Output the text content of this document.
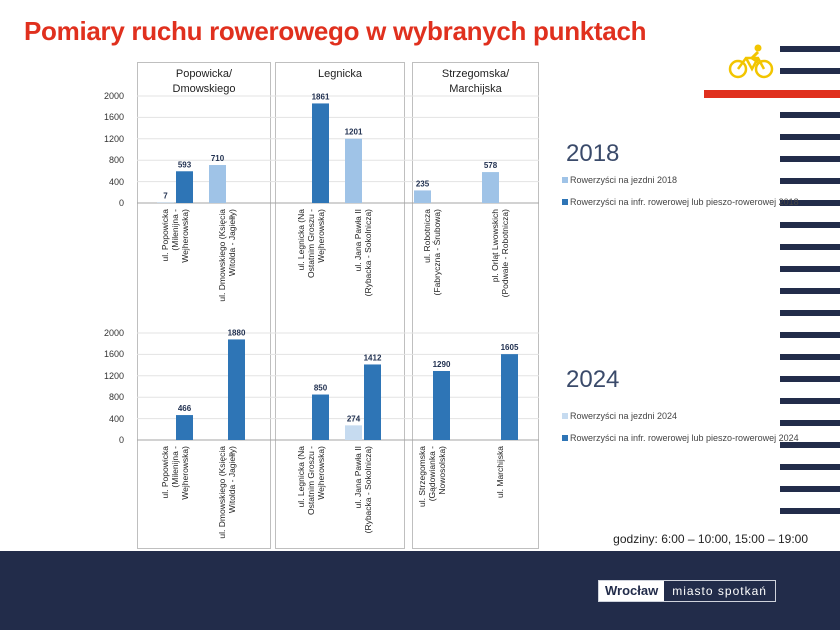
Pomiary ruchu rowerowego w wybranych punktach
Popowicka/
Dmowskiego
Legnicka	Strzegomska/
Marchijska
0
400
800
1200
1600
2000
0
400
800
1200
1600
2000
7
593
ul. Popowicka (Milenijna - Wejherowska)
710
ul. Dmowskiego (Księcia Witolda - Jagiełły)
1861
ul. Legnicka (Na Ostatnim Groszu - Wejherowska)
1201
ul. Jana Pawła II (Rybacka - Sokolnicza)
235
ul. Robotnicza (Fabryczna - Śrubowa)
578
pl. Orląt Lwowskich (Podwale - Robotnicza)
466
ul. Popowicka (Milenijna - Wejherowska)
1880
ul. Dmowskiego (Księcia Witolda - Jagiełły)
850
ul. Legnicka (Na Ostatnim Groszu - Wejherowska)
274
1412
ul. Jana Pawła II (Rybacka - Sokolnicza)
1290
ul. Strzegomska (Gądowianka - Nowosolska)
1605
ul. Marchijska
2018
Rowerzyści na jezdni 2018
Rowerzyści na infr. rowerowej lub pieszo-rowerowej 2018
2024
Rowerzyści na jezdni 2024
Rowerzyści na infr. rowerowej lub pieszo-rowerowej 2024
godziny: 6:00 – 10:00, 15:00 – 19:00
Wrocław	miasto spotkań
